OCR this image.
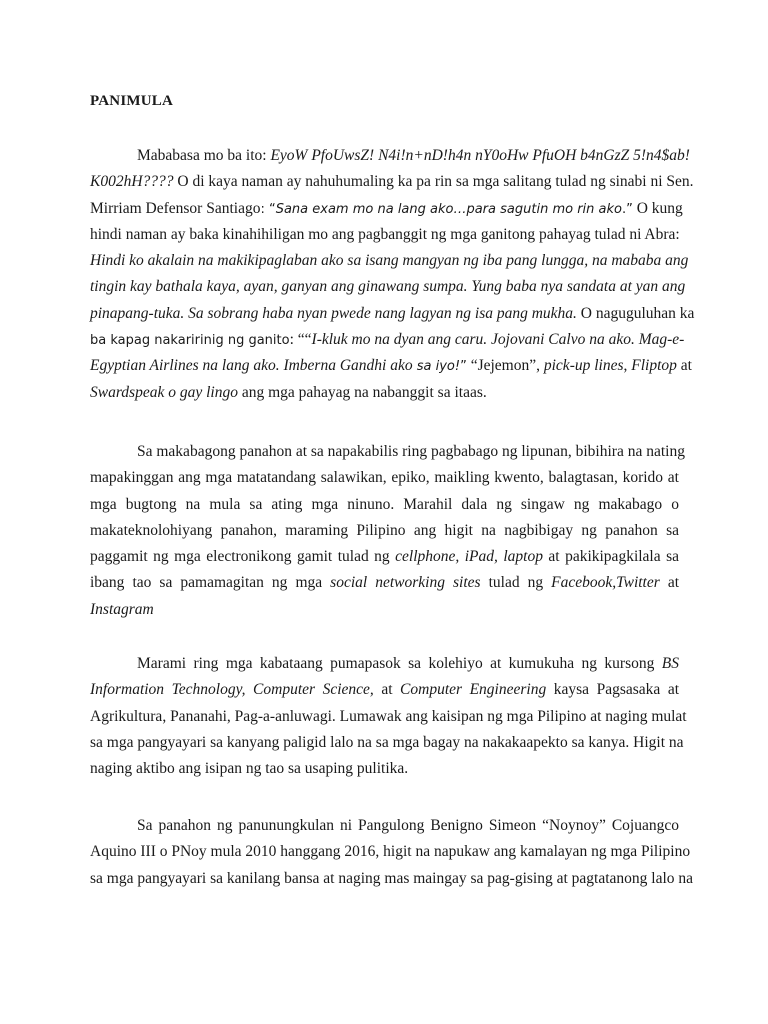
PANIMULA
Mababasa mo ba ito: EyoW PfoUwsZ! N4i!n+nD!h4n nY0oHw PfuOH b4nGzZ 5!n4$ab!
K002hH???? O di kaya naman ay nahuhumaling ka pa rin sa mga salitang tulad ng sinabi ni Sen.
Mirriam Defensor Santiago: “Sana exam mo na lang ako…para sagutin mo rin ako.” O kung
hindi naman ay baka kinahihiligan mo ang pagbanggit ng mga ganitong pahayag tulad ni Abra:
Hindi ko akalain na makikipaglaban ako sa isang mangyan ng iba pang lungga, na mababa ang
tingin kay bathala kaya, ayan, ganyan ang ginawang sumpa. Yung baba nya sandata at yan ang
pinapang-tuka. Sa sobrang haba nyan pwede nang lagyan ng isa pang mukha. O naguguluhan ka
ba kapag nakaririnig ng ganito: ““I-kluk mo na dyan ang caru. Jojovani Calvo na ako. Mag-e-
Egyptian Airlines na lang ako. Imberna Gandhi ako sa iyo!” “Jejemon”, pick-up lines, Fliptop at
Swardspeak o gay lingo ang mga pahayag na nabanggit sa itaas.
Sa makabagong panahon at sa napakabilis ring pagbabago ng lipunan, bibihira na nating
mapakinggan ang mga matatandang salawikan, epiko, maikling kwento, balagtasan, korido at
mga bugtong na mula sa ating mga ninuno. Marahil dala ng singaw ng makabago o
makateknolohiyang panahon, maraming Pilipino ang higit na nagbibigay ng panahon sa
paggamit ng mga electronikong gamit tulad ng cellphone, iPad, laptop at pakikipagkilala sa
ibang tao sa pamamagitan ng mga social networking sites tulad ng Facebook,Twitter at
Instagram
Marami ring mga kabataang pumapasok sa kolehiyo at kumukuha ng kursong BS
Information Technology, Computer Science, at Computer Engineering kaysa Pagsasaka at
Agrikultura, Pananahi, Pag-a-anluwagi. Lumawak ang kaisipan ng mga Pilipino at naging mulat
sa mga pangyayari sa kanyang paligid lalo na sa mga bagay na nakakaapekto sa kanya. Higit na
naging aktibo ang isipan ng tao sa usaping pulitika.
Sa panahon ng panunungkulan ni Pangulong Benigno Simeon “Noynoy” Cojuangco
Aquino III o PNoy mula 2010 hanggang 2016, higit na napukaw ang kamalayan ng mga Pilipino
sa mga pangyayari sa kanilang bansa at naging mas maingay sa pag-gising at pagtatanong lalo na
